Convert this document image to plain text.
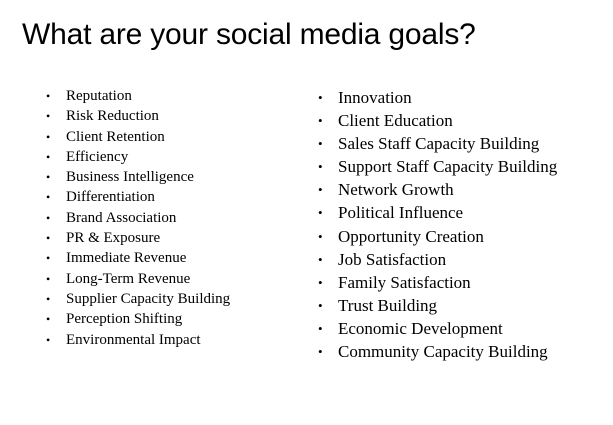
What are your social media goals?
• Reputation
• Risk Reduction
• Client Retention
• Efficiency
• Business Intelligence
• Differentiation
• Brand Association
• PR & Exposure
• Immediate Revenue
• Long-Term Revenue
• Supplier Capacity Building
• Perception Shifting
• Environmental Impact
• Innovation
• Client Education
• Sales Staff Capacity Building
• Support Staff Capacity Building
• Network Growth
• Political Influence
• Opportunity Creation
• Job Satisfaction
• Family Satisfaction
• Trust Building
• Economic Development
• Community Capacity Building
